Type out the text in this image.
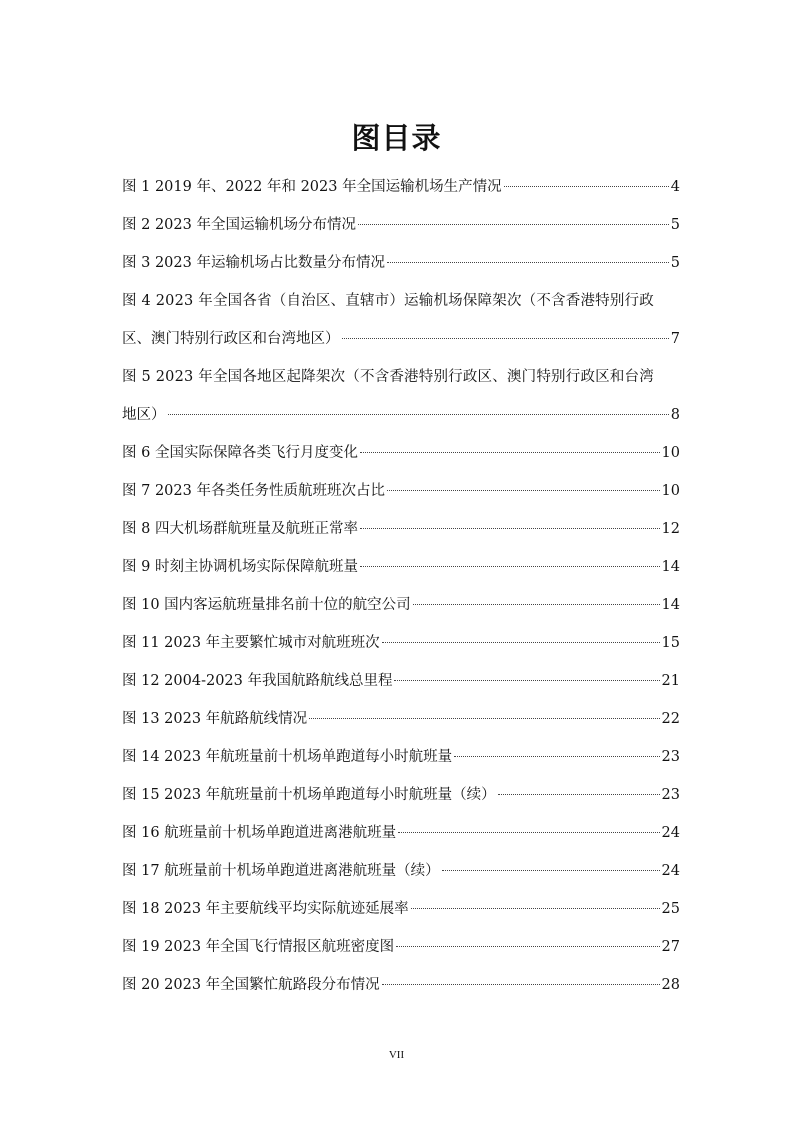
图目录
图 1 2019 年、2022 年和 2023 年全国运输机场生产情况	4
图 2 2023 年全国运输机场分布情况	5
图 3 2023 年运输机场占比数量分布情况	5
图 4 2023 年全国各省（自治区、直辖市）运输机场保障架次（不含香港特别行政
区、澳门特别行政区和台湾地区）	7
图 5 2023 年全国各地区起降架次（不含香港特别行政区、澳门特别行政区和台湾
地区）	8
图 6 全国实际保障各类飞行月度变化	10
图 7 2023 年各类任务性质航班班次占比	10
图 8 四大机场群航班量及航班正常率	12
图 9 时刻主协调机场实际保障航班量	14
图 10 国内客运航班量排名前十位的航空公司	14
图 11 2023 年主要繁忙城市对航班班次	15
图 12 2004-2023 年我国航路航线总里程	21
图 13 2023 年航路航线情况	22
图 14 2023 年航班量前十机场单跑道每小时航班量	23
图 15 2023 年航班量前十机场单跑道每小时航班量（续）	23
图 16 航班量前十机场单跑道进离港航班量	24
图 17 航班量前十机场单跑道进离港航班量（续）	24
图 18 2023 年主要航线平均实际航迹延展率	25
图 19 2023 年全国飞行情报区航班密度图	27
图 20 2023 年全国繁忙航路段分布情况	28
VII
